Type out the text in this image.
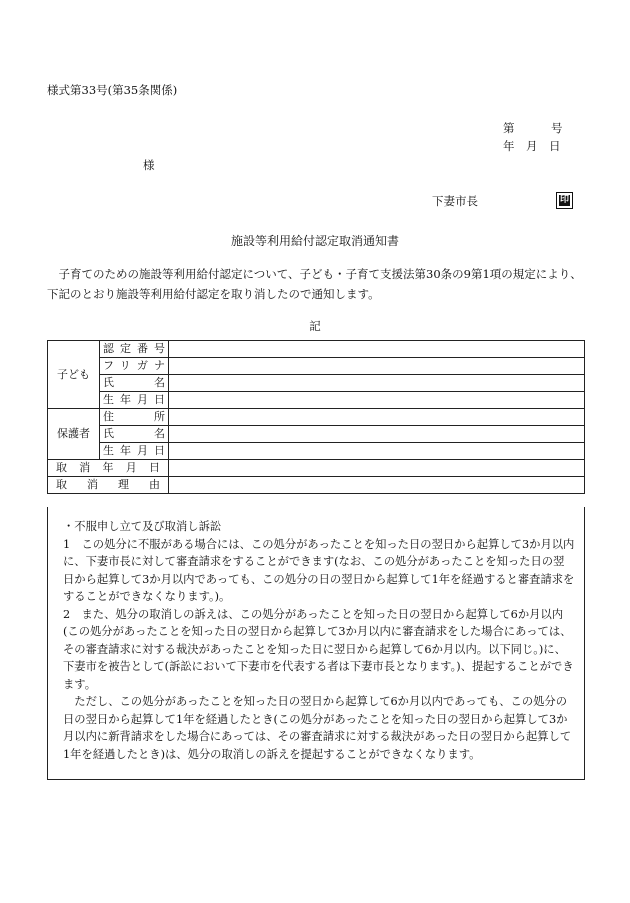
様式第33号(第35条関係)
第	号
年 月 日
様
下妻市長	印
施設等利用給付認定取消通知書
子育てのための施設等利用給付認定について、子ども・子育て支援法第30条の9第1項の規定により、
下記のとおり施設等利用給付認定を取り消したので通知します。
記
子ども	認定番号	
	フリガナ	
	氏名	
	生年月日	
保護者	住所	
	氏名	
	生年月日	
取消年月日		
取消理由		
・不服申し立て及び取消し訴訟
1　この処分に不服がある場合には、この処分があったことを知った日の翌日から起算して3か月以内に、下妻市長に対して審査請求をすることができます(なお、この処分があったことを知った日の翌日から起算して3か月以内であっても、この処分の日の翌日から起算して1年を経過すると審査請求をすることができなくなります。)。
2　また、処分の取消しの訴えは、この処分があったことを知った日の翌日から起算して6か月以内(この処分があったことを知った日の翌日から起算して3か月以内に審査請求をした場合にあっては、その審査請求に対する裁決があったことを知った日に翌日から起算して6か月以内。以下同じ。)に、下妻市を被告として(訴訟において下妻市を代表する者は下妻市長となります。)、提起することができます。
ただし、この処分があったことを知った日の翌日から起算して6か月以内であっても、この処分の日の翌日から起算して1年を経過したとき(この処分があったことを知った日の翌日から起算して3か月以内に新背請求をした場合にあっては、その審査請求に対する裁決があった日の翌日から起算して1年を経過したとき)は、処分の取消しの訴えを提起することができなくなります。
